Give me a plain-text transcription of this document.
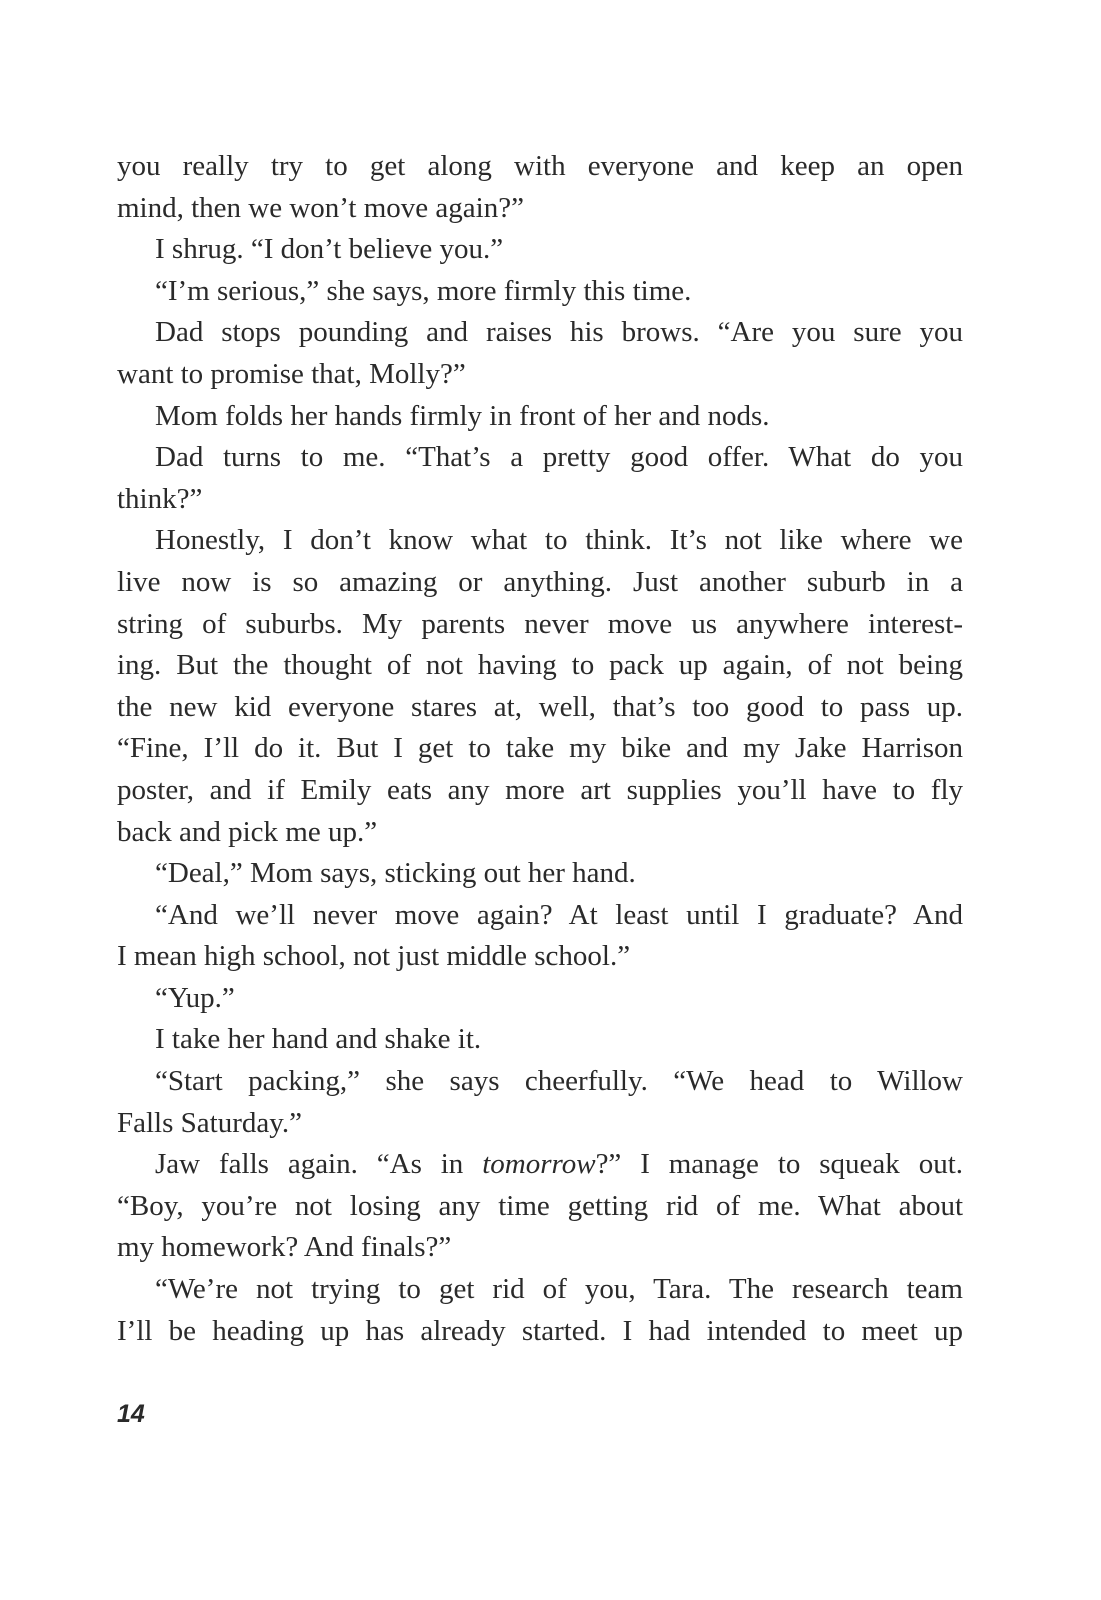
you really try to get along with everyone and keep an open
mind, then we won’t move again?”
I shrug. “I don’t believe you.”
“I’m serious,” she says, more firmly this time.
Dad stops pounding and raises his brows. “Are you sure you
want to promise that, Molly?”
Mom folds her hands firmly in front of her and nods.
Dad turns to me. “That’s a pretty good offer. What do you
think?”
Honestly, I don’t know what to think. It’s not like where we
live now is so amazing or anything. Just another suburb in a
string of suburbs. My parents never move us anywhere interest-
ing. But the thought of not having to pack up again, of not being
the new kid everyone stares at, well, that’s too good to pass up.
“Fine, I’ll do it. But I get to take my bike and my Jake Harrison
poster, and if Emily eats any more art supplies you’ll have to fly
back and pick me up.”
“Deal,” Mom says, sticking out her hand.
“And we’ll never move again? At least until I graduate? And
I mean high school, not just middle school.”
“Yup.”
I take her hand and shake it.
“Start packing,” she says cheerfully. “We head to Willow
Falls Saturday.”
Jaw falls again. “As in tomorrow?” I manage to squeak out.
“Boy, you’re not losing any time getting rid of me. What about
my homework? And finals?”
“We’re not trying to get rid of you, Tara. The research team
I’ll be heading up has already started. I had intended to meet up
14
